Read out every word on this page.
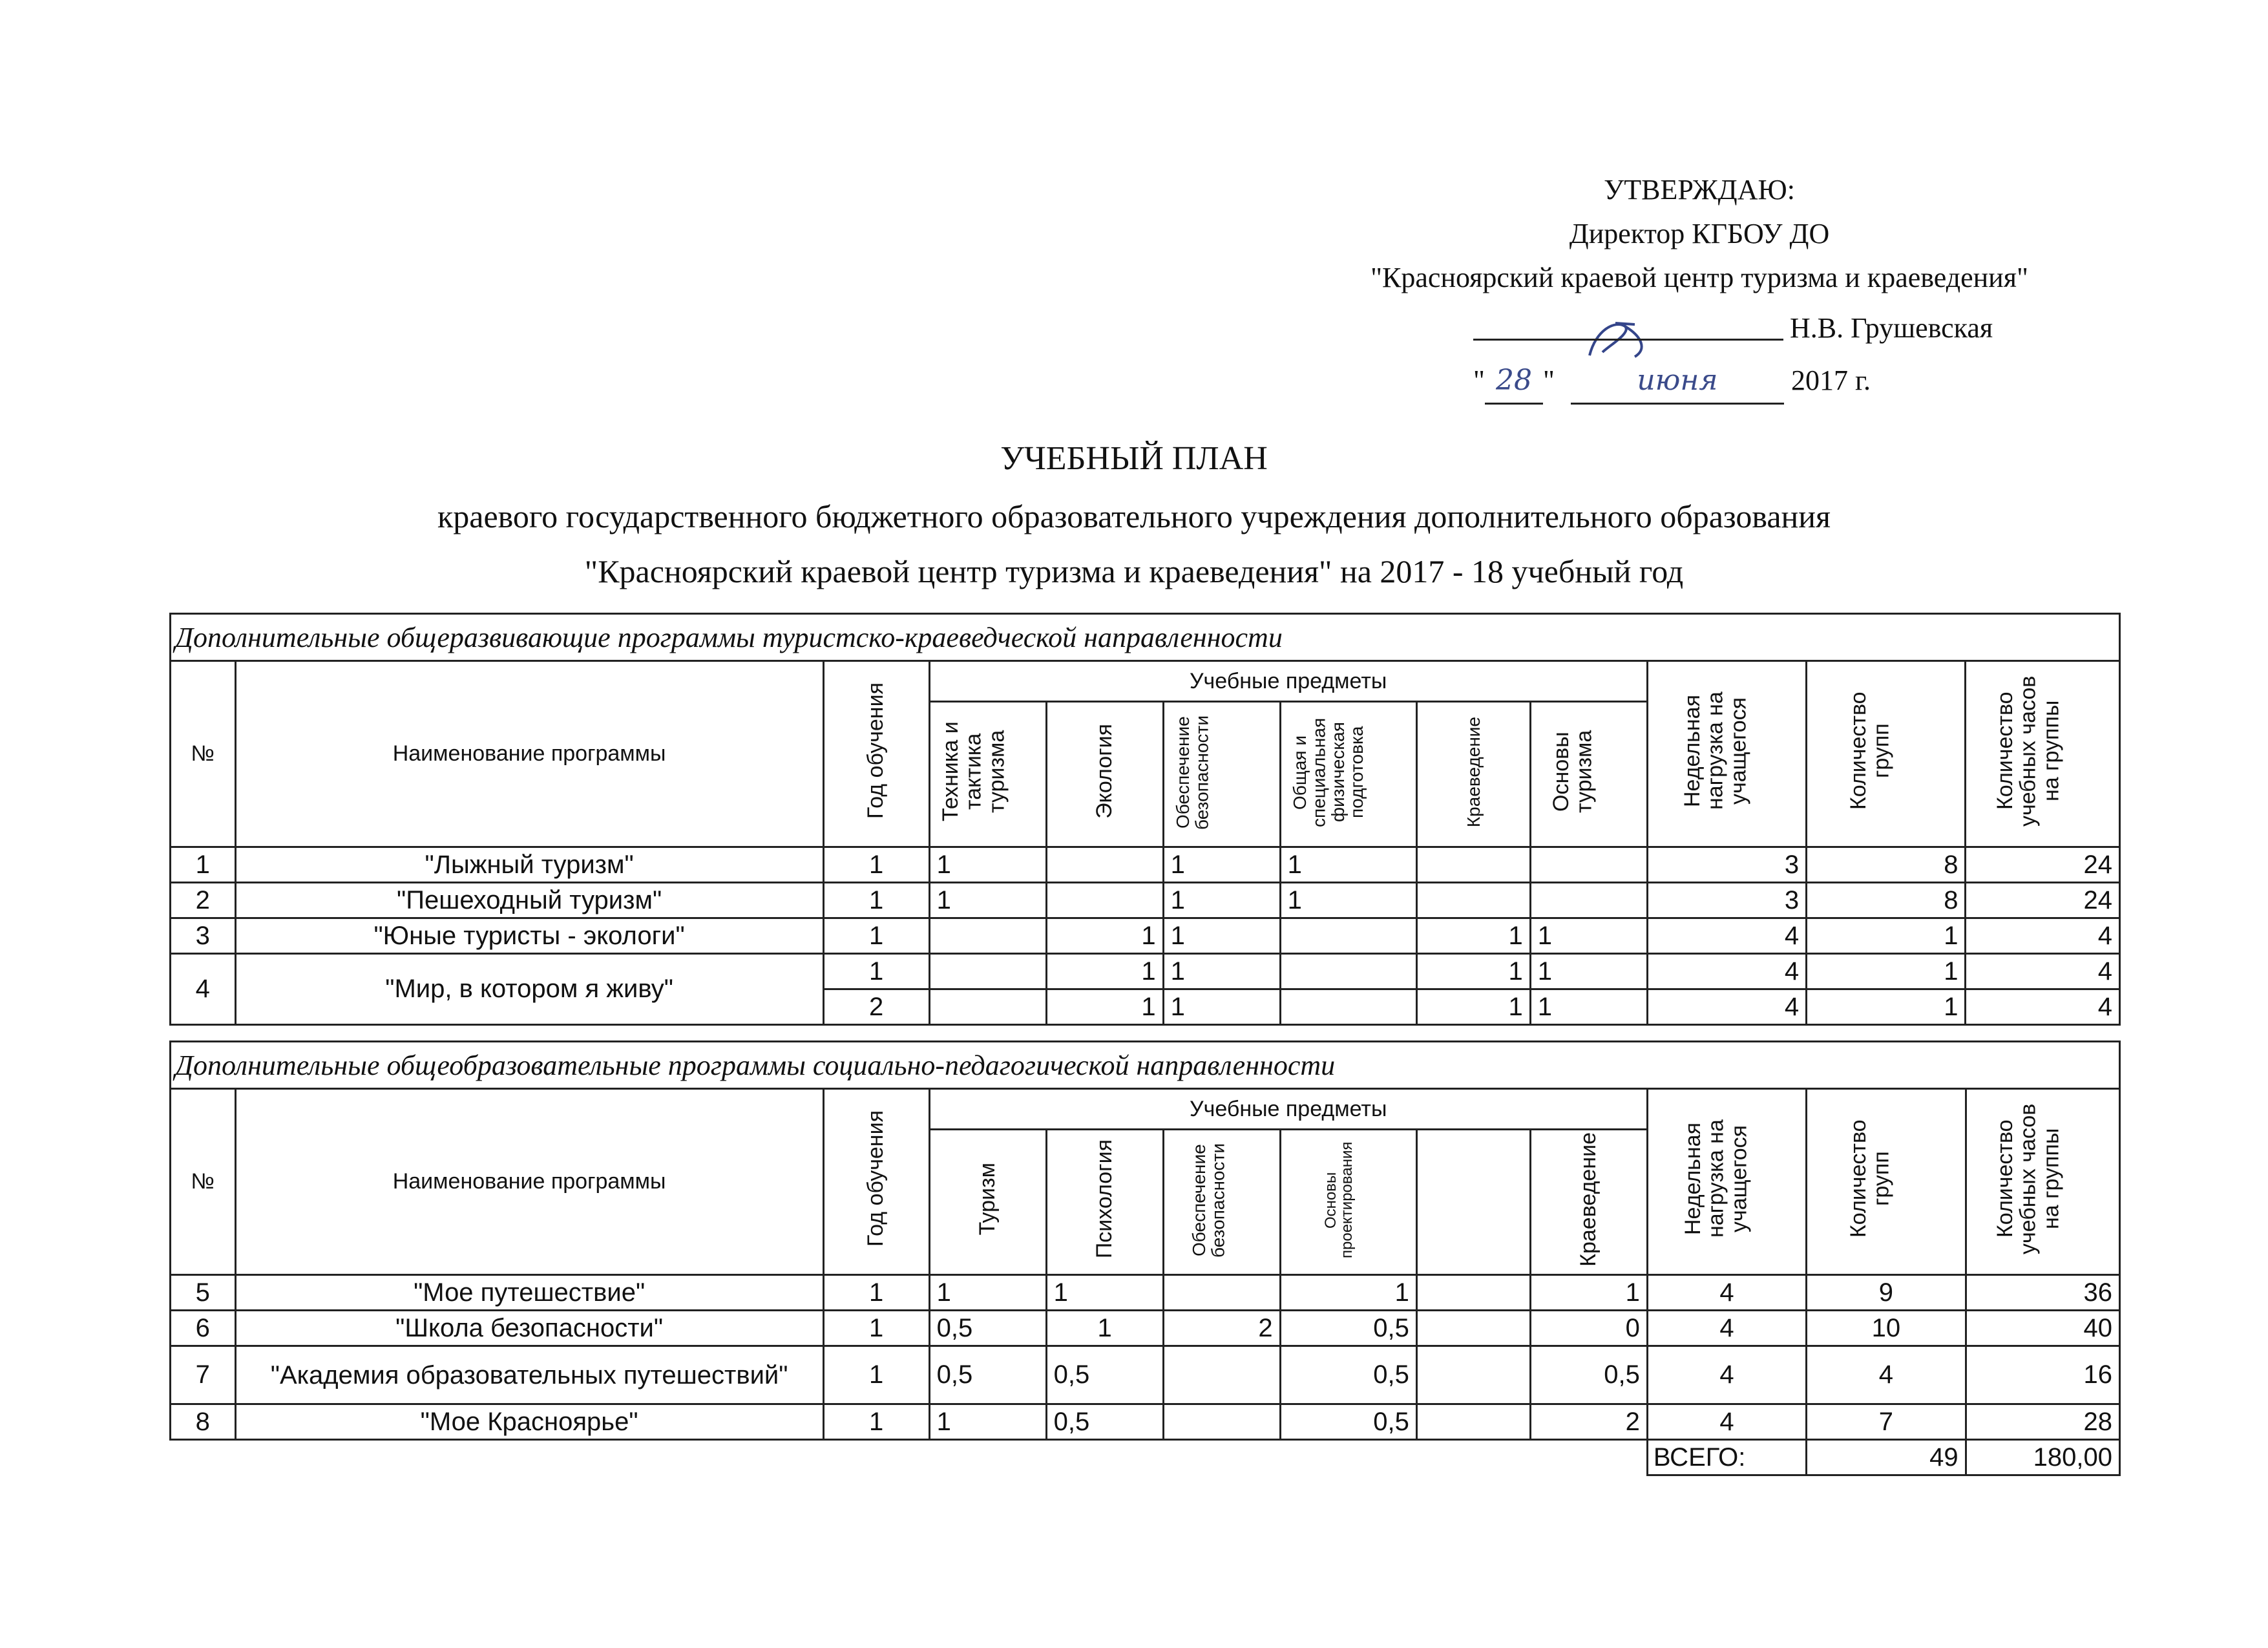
УТВЕРЖДАЮ:
Директор КГБОУ ДО
"Красноярский краевой центр туризма и краеведения"
Н.В. Грушевская
" 28 "	июня	2017 г.
УЧЕБНЫЙ ПЛАН
краевого государственного бюджетного образовательного учреждения дополнительного образования
"Красноярский краевой центр туризма и краеведения" на 2017 - 18 учебный год
Дополнительные общеразвивающие программы туристско-краеведческой направленности											
№	Наименование программы	Год обучения	Учебные предметы						Недельная нагрузка на учащегося	Количество групп	Количество учебных часов на группы
			Техника и тактика туризма	Экология	Обеспечение безопасности	Общая и специальная физическая подготовка	Краеведение	Основы туризма			
1	"Лыжный туризм"	1	1		1	1			3	8	24
2	"Пешеходный туризм"	1	1		1	1			3	8	24
3	"Юные туристы - экологи"	1		1	1		1	1	4	1	4
4	"Мир, в котором я живу"	1		1	1		1	1	4	1	4
		2		1	1		1	1	4	1	4
Дополнительные общеобразовательные программы социально-педагогической направленности											
№	Наименование программы	Год обучения	Учебные предметы						Недельная нагрузка на учащегося	Количество групп	Количество учебных часов на группы
			Туризм	Психология	Обеспечение безопасности	Основы проектирования		Краеведение			
5	"Мое путешествие"	1	1	1		1		1	4	9	36
6	"Школа безопасности"	1	0,5	1	2	0,5		0	4	10	40
7	"Академия образовательных путешествий"	1	0,5	0,5		0,5		0,5	4	4	16
8	"Мое Красноярье"	1	1	0,5		0,5		2	4	7	28
									ВСЕГО:	49	180,00
